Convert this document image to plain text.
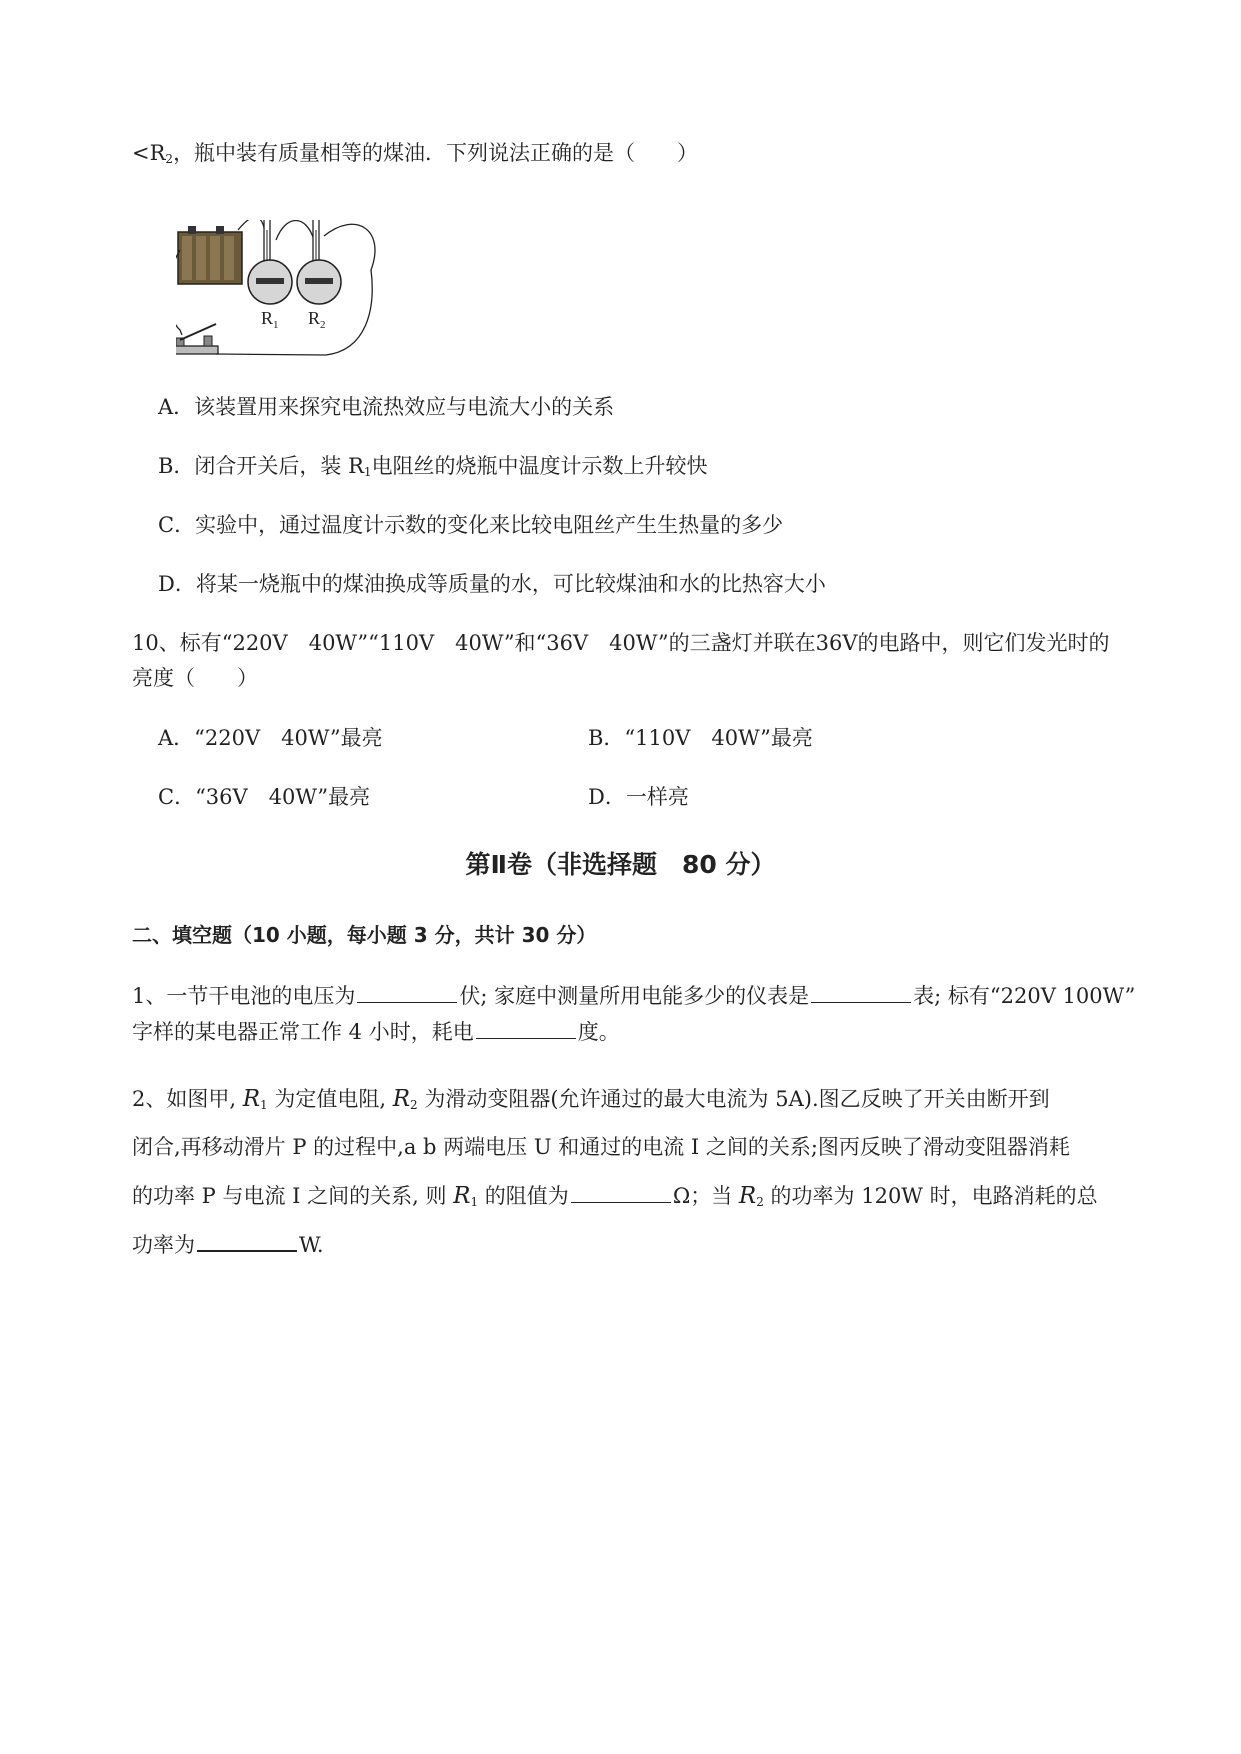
$<R_2$，瓶中装有质量相等的煤油．下列说法正确的是（　　）
$R_1$ $R_2$
A．该装置用来探究电流热效应与电流大小的关系
B．闭合开关后，装 $R_1$电阻丝的烧瓶中温度计示数上升较快
C．实验中，通过温度计示数的变化来比较电阻丝产生生热量的多少
D．将某一烧瓶中的煤油换成等质量的水，可比较煤油和水的比热容大小
10、标有“220V　40W”“110V　40W”和“36V　40W”的三盏灯并联在36V的电路中，则它们发光时的
亮度（　　）
A．“220V　40W”最亮	B．“110V　40W”最亮
C．“36V　40W”最亮	D．一样亮
第Ⅱ卷（非选择题　80 分）
二、填空题（10 小题，每小题 3 分，共计 30 分）
1、一节干电池的电压为	伏; 家庭中测量所用电能多少的仪表是	表; 标有“220V 100W”
字样的某电器正常工作 4 小时，耗电	度。
2、如图甲, $R_1$ 为定值电阻, $R_2$ 为滑动变阻器(允许通过的最大电流为 5A).图乙反映了开关由断开到
闭合,再移动滑片 P 的过程中,a b 两端电压 U 和通过的电流 I 之间的关系;图丙反映了滑动变阻器消耗
的功率 P 与电流 I 之间的关系, 则 $R_1$ 的阻值为	Ω；当 $R_2$ 的功率为 120W 时，电路消耗的总
功率为	W.
